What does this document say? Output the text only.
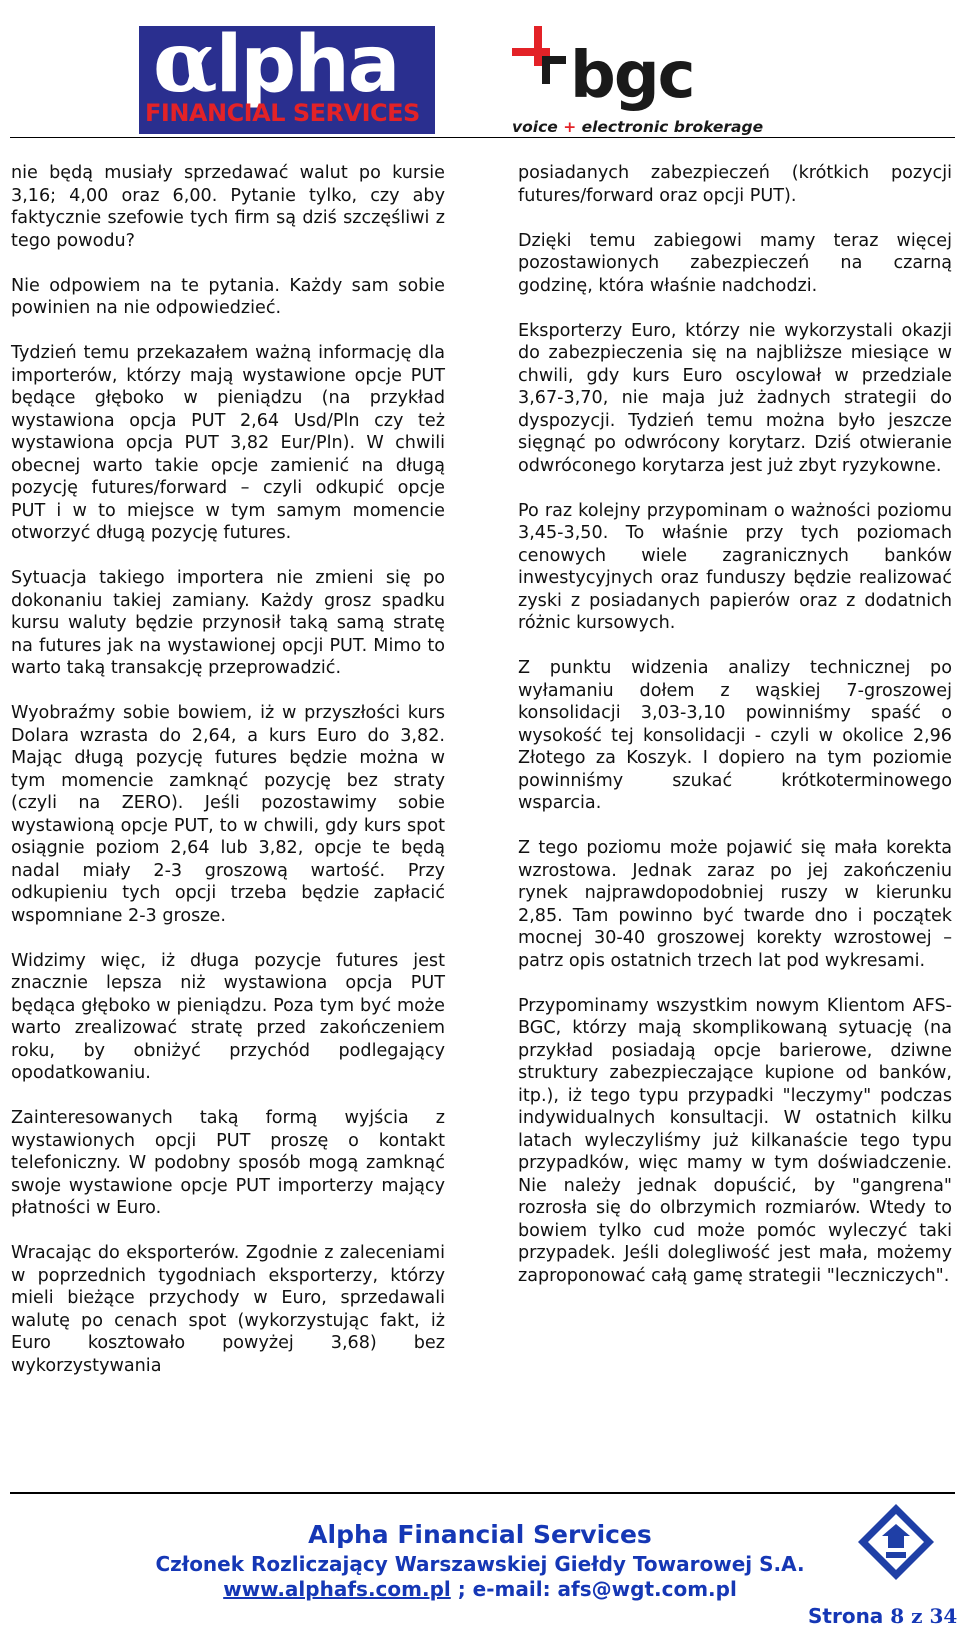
αlpha
FINANCIAL SERVICES bgc
voice + electronic brokerage

nie będą musiały sprzedawać walut po kursie 3,16; 4,00 oraz 6,00. Pytanie tylko, czy aby faktycznie szefowie tych firm są dziś szczęśliwi z tego powodu?

Nie odpowiem na te pytania. Każdy sam sobie powinien na nie odpowiedzieć.

Tydzień temu przekazałem ważną informację dla importerów, którzy mają wystawione opcje PUT będące głęboko w pieniądzu (na przykład wystawiona opcja PUT 2,64 Usd/Pln czy też wystawiona opcja PUT 3,82 Eur/Pln). W chwili obecnej warto takie opcje zamienić na długą pozycję futures/forward – czyli odkupić opcje PUT i w to miejsce w tym samym momencie otworzyć długą pozycję futures.

Sytuacja takiego importera nie zmieni się po dokonaniu takiej zamiany. Każdy grosz spadku kursu waluty będzie przynosił taką samą stratę na futures jak na wystawionej opcji PUT. Mimo to warto taką transakcję przeprowadzić.

Wyobraźmy sobie bowiem, iż w przyszłości kurs Dolara wzrasta do 2,64, a kurs Euro do 3,82. Mając długą pozycję futures będzie można w tym momencie zamknąć pozycję bez straty (czyli na ZERO). Jeśli pozostawimy sobie wystawioną opcje PUT, to w chwili, gdy kurs spot osiągnie poziom 2,64 lub 3,82, opcje te będą nadal miały 2-3 groszową wartość. Przy odkupieniu tych opcji trzeba będzie zapłacić wspomniane 2-3 grosze.

Widzimy więc, iż długa pozycje futures jest znacznie lepsza niż wystawiona opcja PUT będąca głęboko w pieniądzu. Poza tym być może warto zrealizować stratę przed zakończeniem roku, by obniżyć przychód podlegający opodatkowaniu.

Zainteresowanych taką formą wyjścia z wystawionych opcji PUT proszę o kontakt telefoniczny. W podobny sposób mogą zamknąć swoje wystawione opcje PUT importerzy mający płatności w Euro.

Wracając do eksporterów. Zgodnie z zaleceniami w poprzednich tygodniach eksporterzy, którzy mieli bieżące przychody w Euro, sprzedawali walutę po cenach spot (wykorzystując fakt, iż Euro kosztowało powyżej 3,68) bez wykorzystywania

posiadanych zabezpieczeń (krótkich pozycji futures/forward oraz opcji PUT).

Dzięki temu zabiegowi mamy teraz więcej pozostawionych zabezpieczeń na czarną godzinę, która właśnie nadchodzi.

Eksporterzy Euro, którzy nie wykorzystali okazji do zabezpieczenia się na najbliższe miesiące w chwili, gdy kurs Euro oscylował w przedziale 3,67-3,70, nie maja już żadnych strategii do dyspozycji. Tydzień temu można było jeszcze sięgnąć po odwrócony korytarz. Dziś otwieranie odwróconego korytarza jest już zbyt ryzykowne.

Po raz kolejny przypominam o ważności poziomu 3,45-3,50. To właśnie przy tych poziomach cenowych wiele zagranicznych banków inwestycyjnych oraz funduszy będzie realizować zyski z posiadanych papierów oraz z dodatnich różnic kursowych.

Z punktu widzenia analizy technicznej po wyłamaniu dołem z wąskiej 7-groszowej konsolidacji 3,03-3,10 powinniśmy spaść o wysokość tej konsolidacji - czyli w okolice 2,96 Złotego za Koszyk. I dopiero na tym poziomie powinniśmy szukać krótkoterminowego wsparcia.

Z tego poziomu może pojawić się mała korekta wzrostowa. Jednak zaraz po jej zakończeniu rynek najprawdopodobniej ruszy w kierunku 2,85. Tam powinno być twarde dno i początek mocnej 30-40 groszowej korekty wzrostowej – patrz opis ostatnich trzech lat pod wykresami.

Przypominamy wszystkim nowym Klientom AFS-BGC, którzy mają skomplikowaną sytuację (na przykład posiadają opcje barierowe, dziwne struktury zabezpieczające kupione od banków, itp.), iż tego typu przypadki "leczymy" podczas indywidualnych konsultacji. W ostatnich kilku latach wyleczyliśmy już kilkanaście tego typu przypadków, więc mamy w tym doświadczenie. Nie należy jednak dopuścić, by "gangrena" rozrosła się do olbrzymich rozmiarów. Wtedy to bowiem tylko cud może pomóc wyleczyć taki przypadek. Jeśli dolegliwość jest mała, możemy zaproponować całą gamę strategii "leczniczych".

Alpha Financial Services
Członek Rozliczający Warszawskiej Giełdy Towarowej S.A.
www.alphafs.com.pl ; e-mail: afs@wgt.com.pl
Strona 8 z 34
